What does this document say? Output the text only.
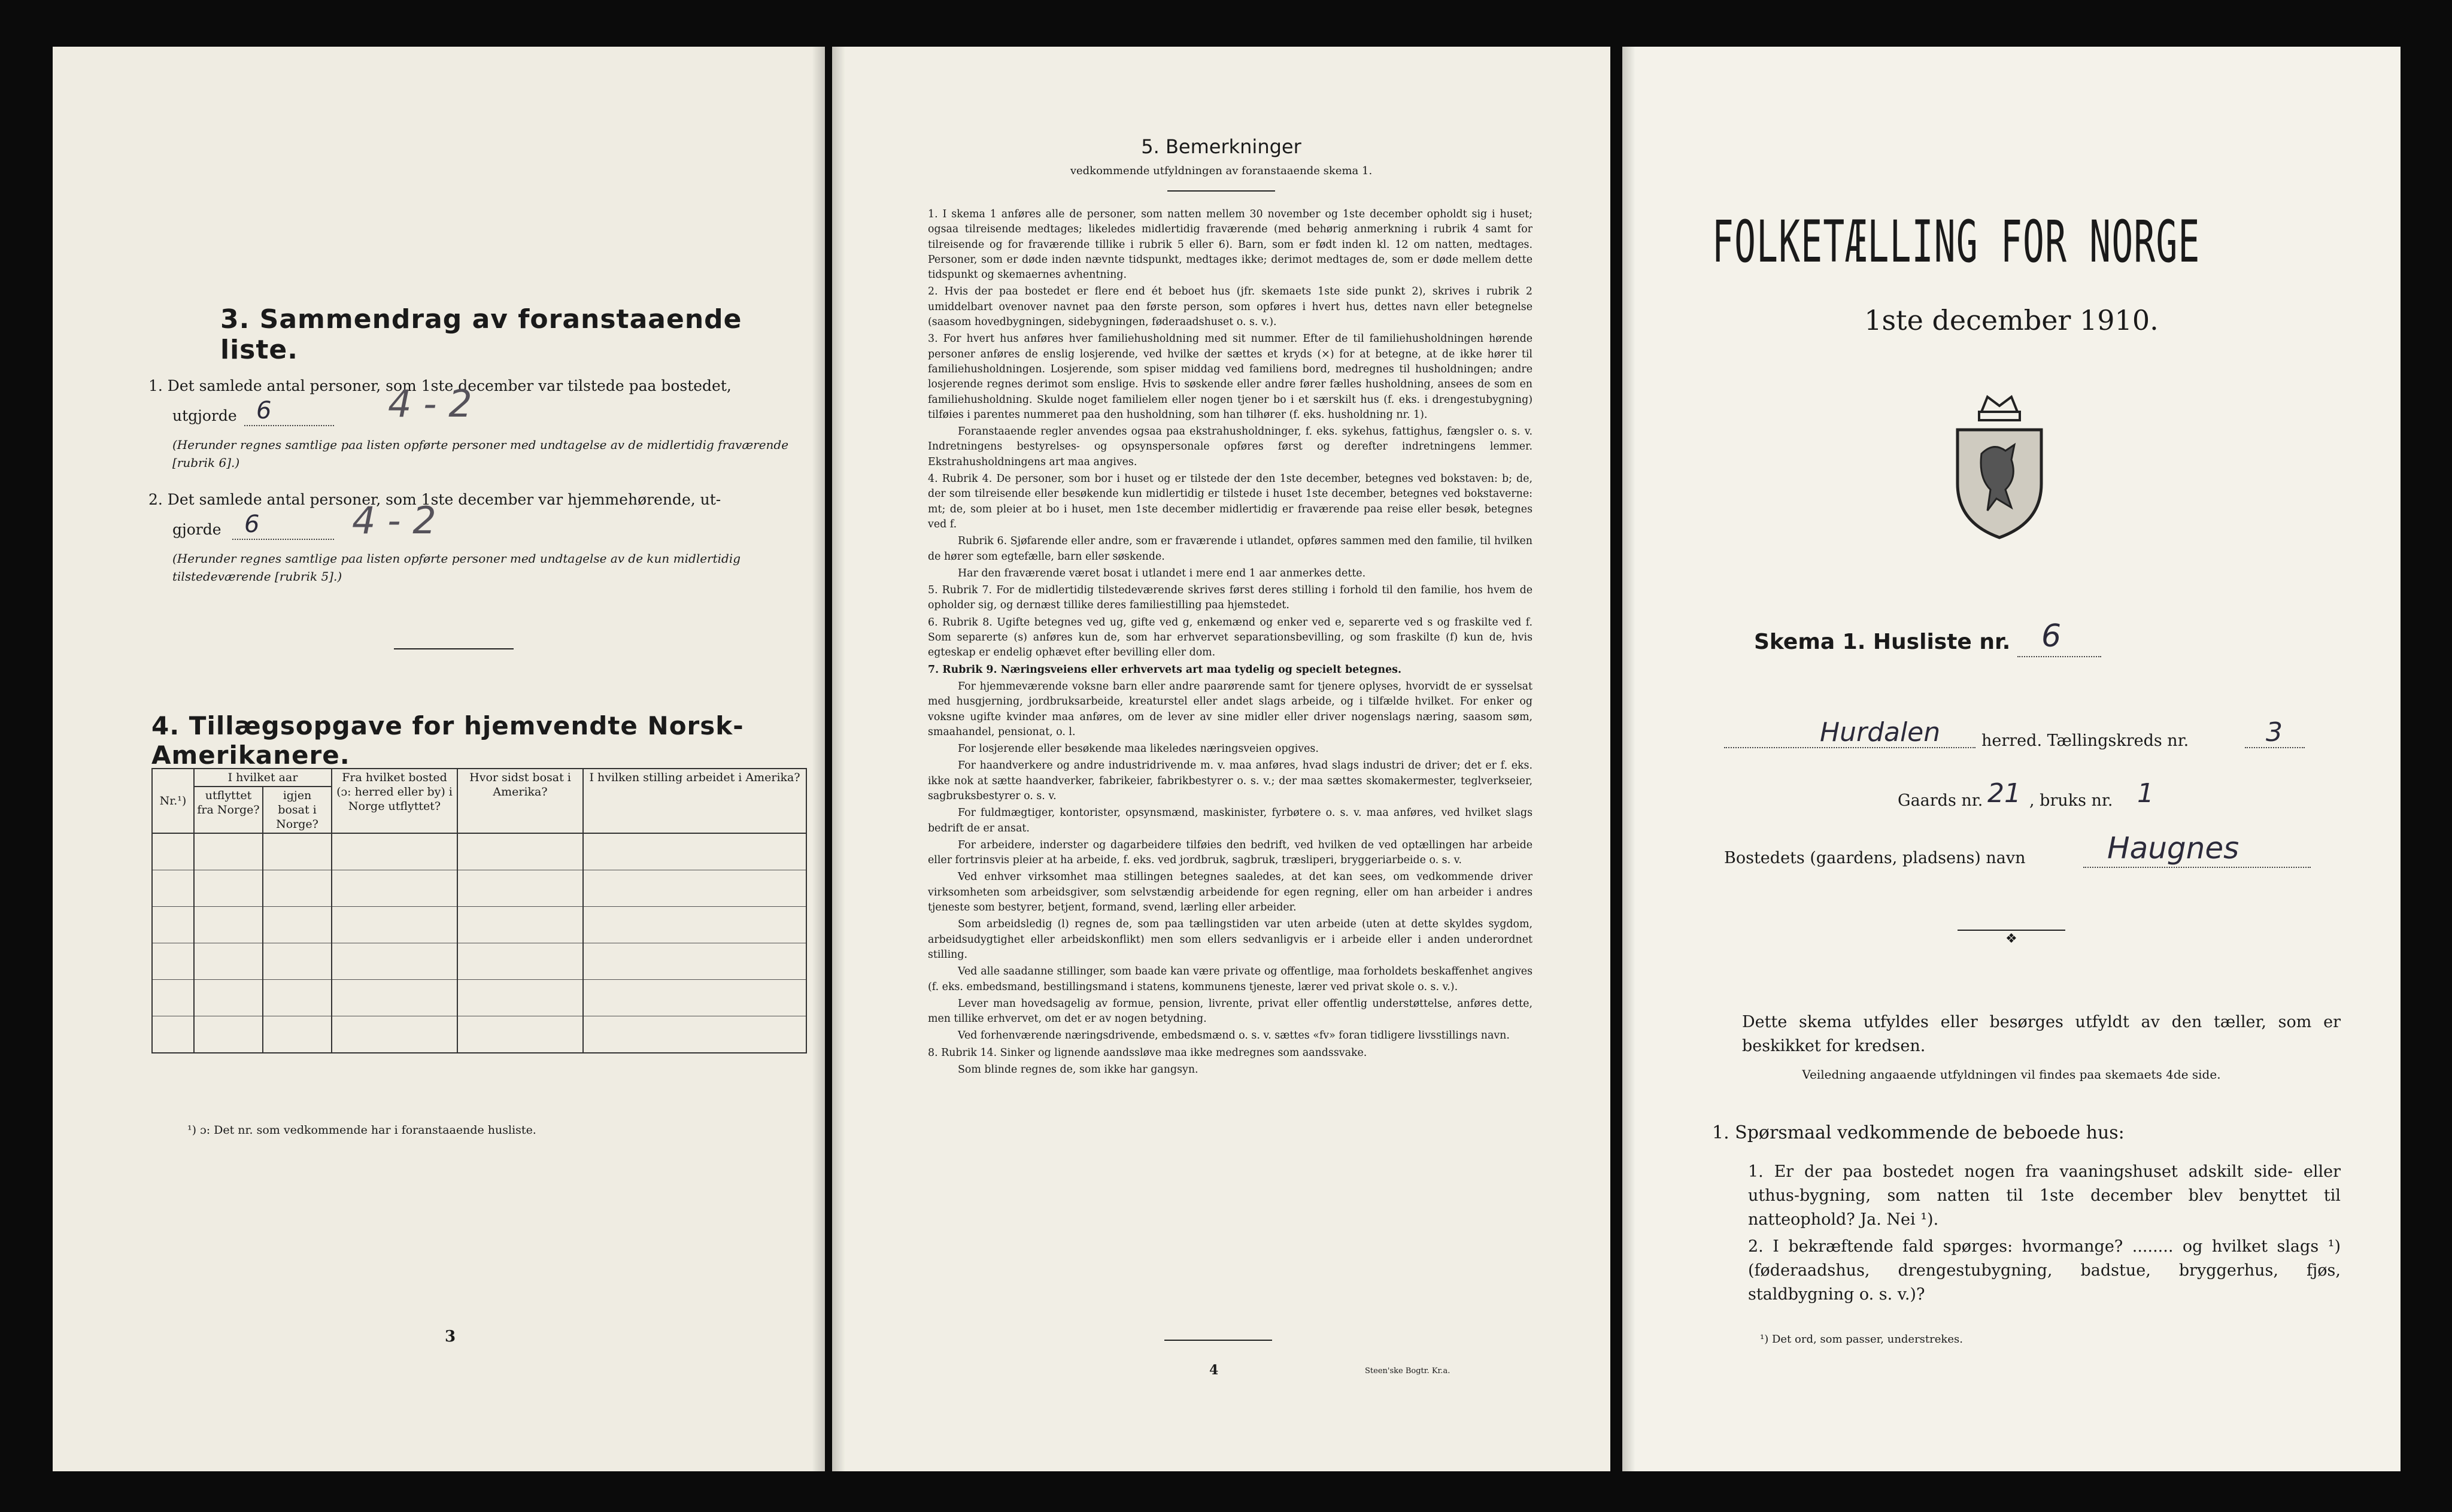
3. Sammendrag av foranstaaende liste.
1. Det samlede antal personer, som 1ste december var tilstede paa bostedet,
utgjorde 6	4 - 2
(Herunder regnes samtlige paa listen opførte personer med undtagelse av de midlertidig fraværende [rubrik 6].)
2. Det samlede antal personer, som 1ste december var hjemmehørende, ut-
gjorde 6 4 - 2
(Herunder regnes samtlige paa listen opførte personer med undtagelse av de kun midlertidig tilstedeværende [rubrik 5].)
4. Tillægsopgave for hjemvendte Norsk-Amerikanere.
Nr.¹)	I hvilket aar		Fra hvilket bosted (ɔ: herred eller by) i Norge utflyttet?	Hvor sidst bosat i Amerika?	I hvilken stilling arbeidet i Amerika?
	utflyttet fra Norge?	igjen bosat i Norge?			

¹) ɔ: Det nr. som vedkommende har i foranstaaende husliste.
3
5. Bemerkninger
vedkommende utfyldningen av foranstaaende skema 1.

1. I skema 1 anføres alle de personer, som natten mellem 30 november og 1ste december opholdt sig i huset; ogsaa tilreisende medtages; likeledes midlertidig fraværende (med behørig anmerkning i rubrik 4 samt for tilreisende og for fraværende tillike i rubrik 5 eller 6). Barn, som er født inden kl. 12 om natten, medtages. Personer, som er døde inden nævnte tidspunkt, medtages ikke; derimot medtages de, som er døde mellem dette tidspunkt og skemaernes avhentning.

2. Hvis der paa bostedet er flere end ét beboet hus (jfr. skemaets 1ste side punkt 2), skrives i rubrik 2 umiddelbart ovenover navnet paa den første person, som opføres i hvert hus, dettes navn eller betegnelse (saasom hovedbygningen, sidebygningen, føderaadshuset o. s. v.).

3. For hvert hus anføres hver familiehusholdning med sit nummer. Efter de til familiehusholdningen hørende personer anføres de enslig losjerende, ved hvilke der sættes et kryds (×) for at betegne, at de ikke hører til familiehusholdningen. Losjerende, som spiser middag ved familiens bord, medregnes til husholdningen; andre losjerende regnes derimot som enslige. Hvis to søskende eller andre fører fælles husholdning, ansees de som en familiehusholdning. Skulde noget familielem eller nogen tjener bo i et særskilt hus (f. eks. i drengestubygning) tilføies i parentes nummeret paa den husholdning, som han tilhører (f. eks. husholdning nr. 1).

Foranstaaende regler anvendes ogsaa paa ekstrahusholdninger, f. eks. sykehus, fattighus, fængsler o. s. v. Indretningens bestyrelses- og opsynspersonale opføres først og derefter indretningens lemmer. Ekstrahusholdningens art maa angives.

4. Rubrik 4. De personer, som bor i huset og er tilstede der den 1ste december, betegnes ved bokstaven: b; de, der som tilreisende eller besøkende kun midlertidig er tilstede i huset 1ste december, betegnes ved bokstaverne: mt; de, som pleier at bo i huset, men 1ste december midlertidig er fraværende paa reise eller besøk, betegnes ved f.

Rubrik 6. Sjøfarende eller andre, som er fraværende i utlandet, opføres sammen med den familie, til hvilken de hører som egtefælle, barn eller søskende.

Har den fraværende været bosat i utlandet i mere end 1 aar anmerkes dette.

5. Rubrik 7. For de midlertidig tilstedeværende skrives først deres stilling i forhold til den familie, hos hvem de opholder sig, og dernæst tillike deres familiestilling paa hjemstedet.

6. Rubrik 8. Ugifte betegnes ved ug, gifte ved g, enkemænd og enker ved e, separerte ved s og fraskilte ved f. Som separerte (s) anføres kun de, som har erhvervet separationsbevilling, og som fraskilte (f) kun de, hvis egteskap er endelig ophævet efter bevilling eller dom.

7. Rubrik 9. Næringsveiens eller erhvervets art maa tydelig og specielt betegnes.

For hjemmeværende voksne barn eller andre paarørende samt for tjenere oplyses, hvorvidt de er sysselsat med husgjerning, jordbruksarbeide, kreaturstel eller andet slags arbeide, og i tilfælde hvilket. For enker og voksne ugifte kvinder maa anføres, om de lever av sine midler eller driver nogenslags næring, saasom søm, smaahandel, pensionat, o. l.

For losjerende eller besøkende maa likeledes næringsveien opgives.

For haandverkere og andre industridrivende m. v. maa anføres, hvad slags industri de driver; det er f. eks. ikke nok at sætte haandverker, fabrikeier, fabrikbestyrer o. s. v.; der maa sættes skomakermester, teglverkseier, sagbruksbestyrer o. s. v.

For fuldmægtiger, kontorister, opsynsmænd, maskinister, fyrbøtere o. s. v. maa anføres, ved hvilket slags bedrift de er ansat.

For arbeidere, inderster og dagarbeidere tilføies den bedrift, ved hvilken de ved optællingen har arbeide eller fortrinsvis pleier at ha arbeide, f. eks. ved jordbruk, sagbruk, træsliperi, bryggeriarbeide o. s. v.

Ved enhver virksomhet maa stillingen betegnes saaledes, at det kan sees, om vedkommende driver virksomheten som arbeidsgiver, som selvstændig arbeidende for egen regning, eller om han arbeider i andres tjeneste som bestyrer, betjent, formand, svend, lærling eller arbeider.

Som arbeidsledig (l) regnes de, som paa tællingstiden var uten arbeide (uten at dette skyldes sygdom, arbeidsudygtighet eller arbeidskonflikt) men som ellers sedvanligvis er i arbeide eller i anden underordnet stilling.

Ved alle saadanne stillinger, som baade kan være private og offentlige, maa forholdets beskaffenhet angives (f. eks. embedsmand, bestillingsmand i statens, kommunens tjeneste, lærer ved privat skole o. s. v.).

Lever man hovedsagelig av formue, pension, livrente, privat eller offentlig understøttelse, anføres dette, men tillike erhvervet, om det er av nogen betydning.

Ved forhenværende næringsdrivende, embedsmænd o. s. v. sættes «fv» foran tidligere livsstillings navn.

8. Rubrik 14. Sinker og lignende aandssløve maa ikke medregnes som aandssvake.

Som blinde regnes de, som ikke har gangsyn.

4	Steen'ske Bogtr. Kr.a.
FOLKETÆLLING FOR NORGE
1ste december 1910.
Skema 1. Husliste nr. 6
Hurdalen	herred. Tællingskreds nr.	3
Gaards nr. 21 , bruks nr. 1
Bostedets (gaardens, pladsens) navn	Haugnes
❖
Dette skema utfyldes eller besørges utfyldt av den tæller, som er beskikket for kredsen.
Veiledning angaaende utfyldningen vil findes paa skemaets 4de side.
1. Spørsmaal vedkommende de beboede hus:
1. Er der paa bostedet nogen fra vaaningshuset adskilt side- eller uthus-bygning, som natten til 1ste december blev benyttet til natteophold? Ja. Nei ¹).
2. I bekræftende fald spørges: hvormange? ........ og hvilket slags ¹) (føderaadshus, drengestubygning, badstue, bryggerhus, fjøs, staldbygning o. s. v.)?
¹) Det ord, som passer, understrekes.
